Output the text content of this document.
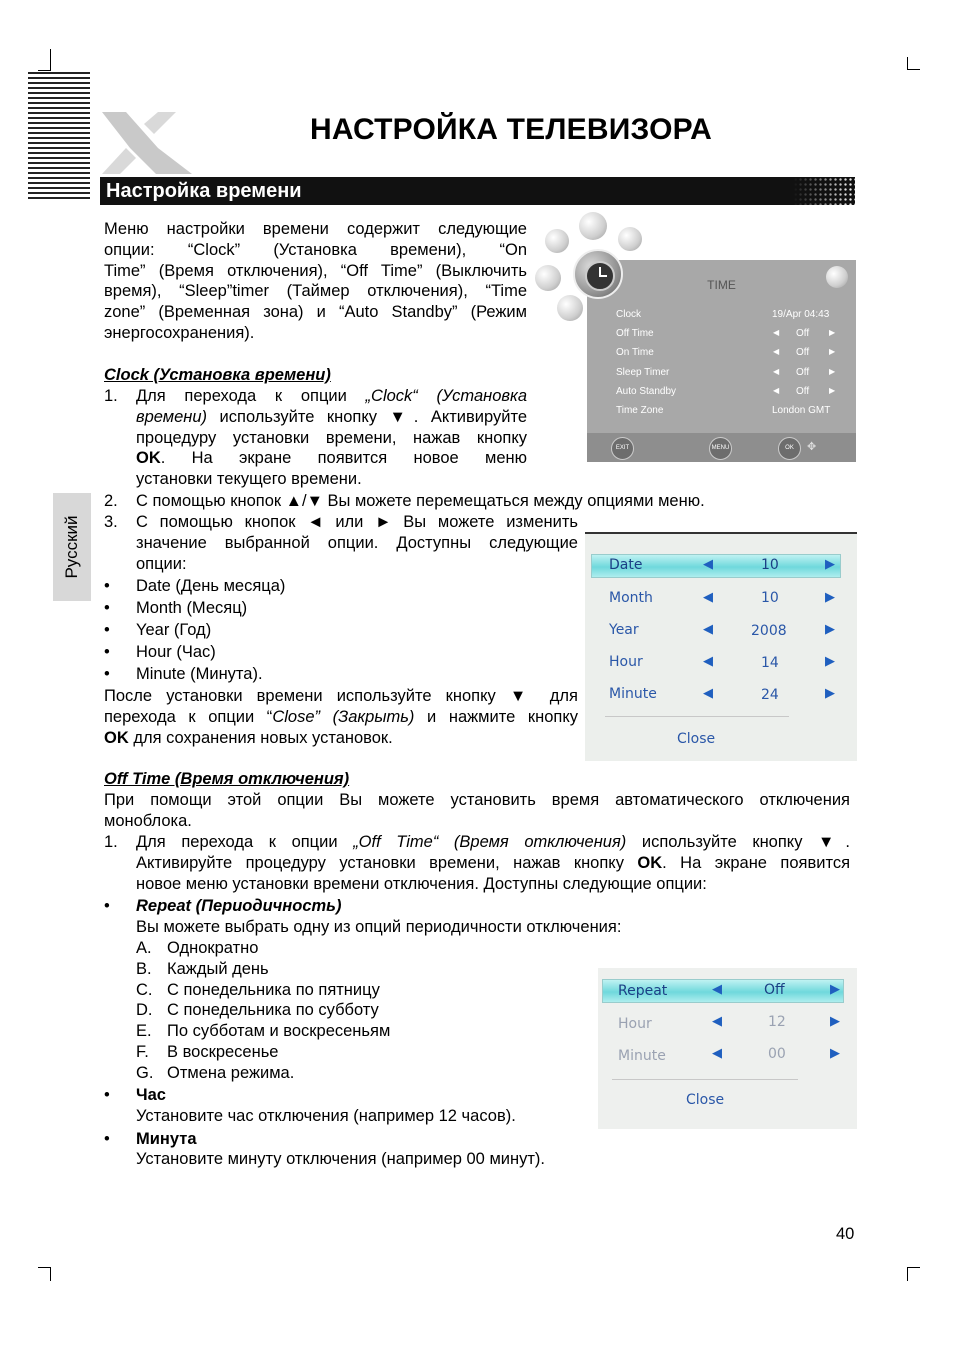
НАСТРОЙКА ТЕЛЕВИЗОРА
Настройка времени
Русский
Меню настройки времени содержит следующие
опции: “Clock” (Установка времени), “On
Time” (Время отключения), “Off Time” (Выключить
время), “Sleep”timer (Таймер отключения), “Time
zone” (Временная зона) и “Auto Standby” (Режим
энергосохранения).
Clock (Установка времени)
1. Для перехода к опции „Clock“ (Установка
времени) используйте кнопку ▼. Активируйте
процедуру установки времени, нажав кнопку
OK. На экране появится новое меню
установки текущего времени.
2. С помощью кнопок ▲/▼ Вы можете перемещаться между опциями меню.
3. С помощью кнопок ◄ или ► Вы можете изменить
значение выбранной опции. Доступны следующие
опции:
• Date (День месяца)
• Month (Месяц)
• Year (Год)
• Hour (Час)
• Minute (Минута).
После установки времени используйте кнопку ▼ для
перехода к опции “Close” (Закрыть) и нажмите кнопку
OK для сохранения новых установок.
Off Time (Время отключения)
При помощи этой опции Вы можете установить время автоматического отключения
моноблока.
1. Для перехода к опции „Off Time“ (Время отключения) используйте кнопку ▼.
Активируйте процедуру установки времени, нажав кнопку OK. На экране появится
новое меню установки времени отключения. Доступны следующие опции:
• Repeat (Периодичность)
Вы можете выбрать одну из опций периодичности отключения:
A. Однократно
B. Каждый день
C. С понедельника по пятницу
D. С понедельника по субботу
E. По субботам и воскресеньям
F. В воскресенье
G. Отмена режима.
• Час
Установите час отключения (например 12 часов).
• Минута
Установите минуту отключения (например 00 минут).
40
TIME
Clock	19/Apr 04:43
Off Time	◀ Off ▶
On Time	◀ Off ▶
Sleep Timer	◀ Off ▶
Auto Standby	◀ Off ▶
Time Zone	London GMT
EXIT	MENU	OK	✥
Date	◀	10	▶
Month	◀	10	▶
Year	◀	2008	▶
Hour	◀	14	▶
Minute	◀	24	▶
Close
Repeat	◀	Off	▶
Hour	◀	12	▶
Minute	◀	00	▶
Close
